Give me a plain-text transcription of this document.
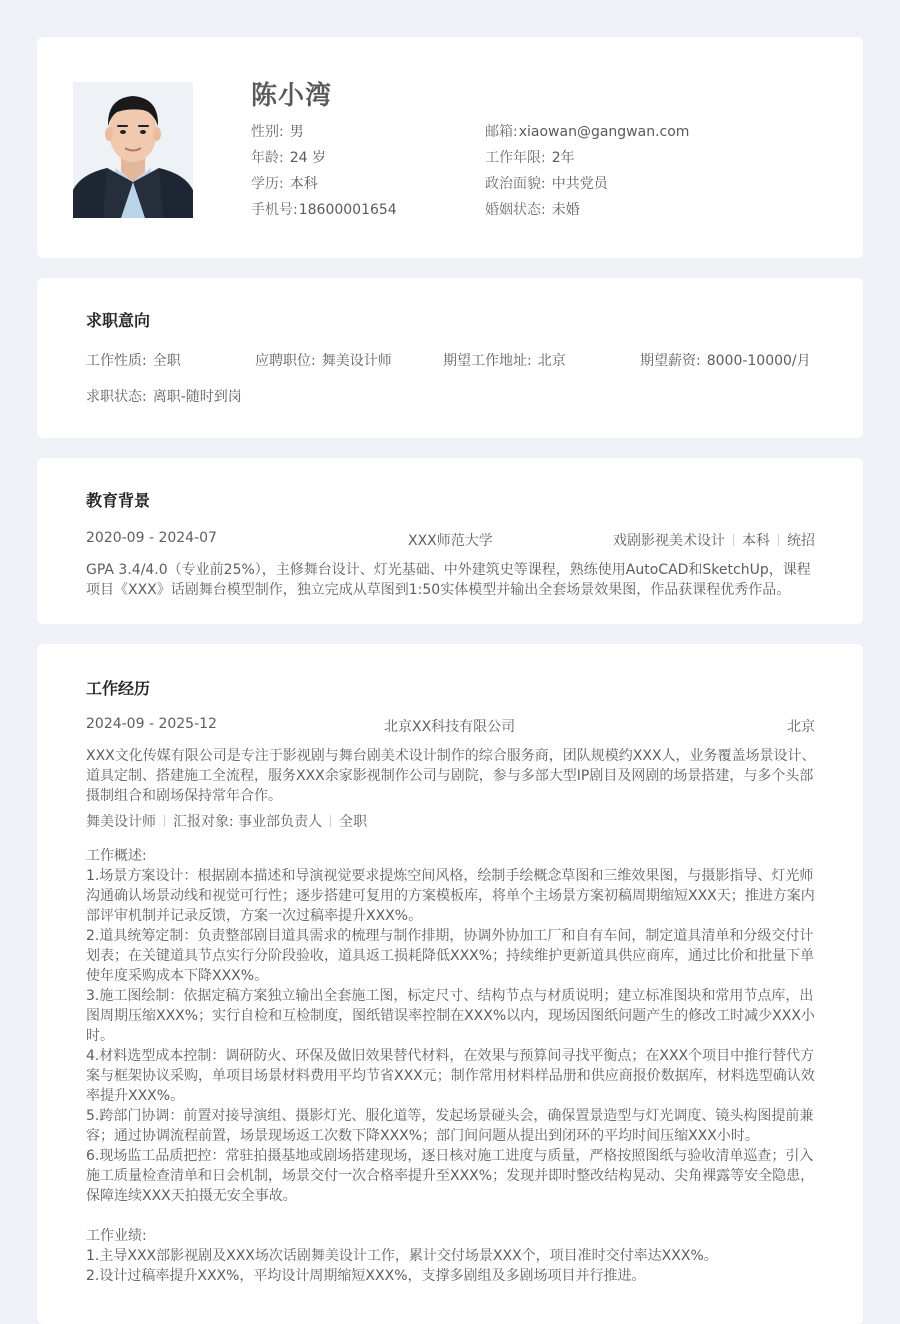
陈小湾
性别: 男	邮箱:xiaowan@gangwan.com
年龄: 24 岁	工作年限: 2年
学历: 本科	政治面貌: 中共党员
手机号:18600001654	婚姻状态: 未婚
求职意向
工作性质: 全职	应聘职位: 舞美设计师	期望工作地址: 北京	期望薪资: 8000-10000/月
求职状态: 离职-随时到岗
教育背景
2020-09 - 2024-07	XXX师范大学	戏剧影视美术设计 本科 统招
GPA 3.4/4.0（专业前25%），主修舞台设计、灯光基础、中外建筑史等课程，熟练使用AutoCAD和SketchUp，课程项目《XXX》话剧舞台模型制作，独立完成从草图到1:50实体模型并输出全套场景效果图，作品获课程优秀作品。
工作经历
2024-09 - 2025-12	北京XX科技有限公司	北京

XXX文化传媒有限公司是专注于影视剧与舞台剧美术设计制作的综合服务商，团队规模约XXX人，业务覆盖场景设计、道具定制、搭建施工全流程，服务XXX余家影视制作公司与剧院，参与多部大型IP剧目及网剧的场景搭建，与多个头部摄制组合和剧场保持常年合作。

舞美设计师 汇报对象: 事业部负责人 全职

工作概述:

1.场景方案设计：根据剧本描述和导演视觉要求提炼空间风格，绘制手绘概念草图和三维效果图，与摄影指导、灯光师沟通确认场景动线和视觉可行性；逐步搭建可复用的方案模板库，将单个主场景方案初稿周期缩短XXX天；推进方案内部评审机制并记录反馈，方案一次过稿率提升XXX%。

2.道具统筹定制：负责整部剧目道具需求的梳理与制作排期，协调外协加工厂和自有车间，制定道具清单和分级交付计划表；在关键道具节点实行分阶段验收，道具返工损耗降低XXX%；持续维护更新道具供应商库，通过比价和批量下单使年度采购成本下降XXX%。

3.施工图绘制：依据定稿方案独立输出全套施工图，标定尺寸、结构节点与材质说明；建立标准图块和常用节点库，出图周期压缩XXX%；实行自检和互检制度，图纸错误率控制在XXX%以内，现场因图纸问题产生的修改工时减少XXX小时。

4.材料选型成本控制：调研防火、环保及做旧效果替代材料，在效果与预算间寻找平衡点；在XXX个项目中推行替代方案与框架协议采购，单项目场景材料费用平均节省XXX元；制作常用材料样品册和供应商报价数据库，材料选型确认效率提升XXX%。

5.跨部门协调：前置对接导演组、摄影灯光、服化道等，发起场景碰头会，确保置景造型与灯光调度、镜头构图提前兼容；通过协调流程前置，场景现场返工次数下降XXX%；部门间问题从提出到闭环的平均时间压缩XXX小时。

6.现场监工品质把控：常驻拍摄基地或剧场搭建现场，逐日核对施工进度与质量，严格按照图纸与验收清单巡查；引入施工质量检查清单和日会机制，场景交付一次合格率提升至XXX%；发现并即时整改结构晃动、尖角裸露等安全隐患，保障连续XXX天拍摄无安全事故。

工作业绩:

1.主导XXX部影视剧及XXX场次话剧舞美设计工作，累计交付场景XXX个，项目准时交付率达XXX%。

2.设计过稿率提升XXX%，平均设计周期缩短XXX%，支撑多剧组及多剧场项目并行推进。
